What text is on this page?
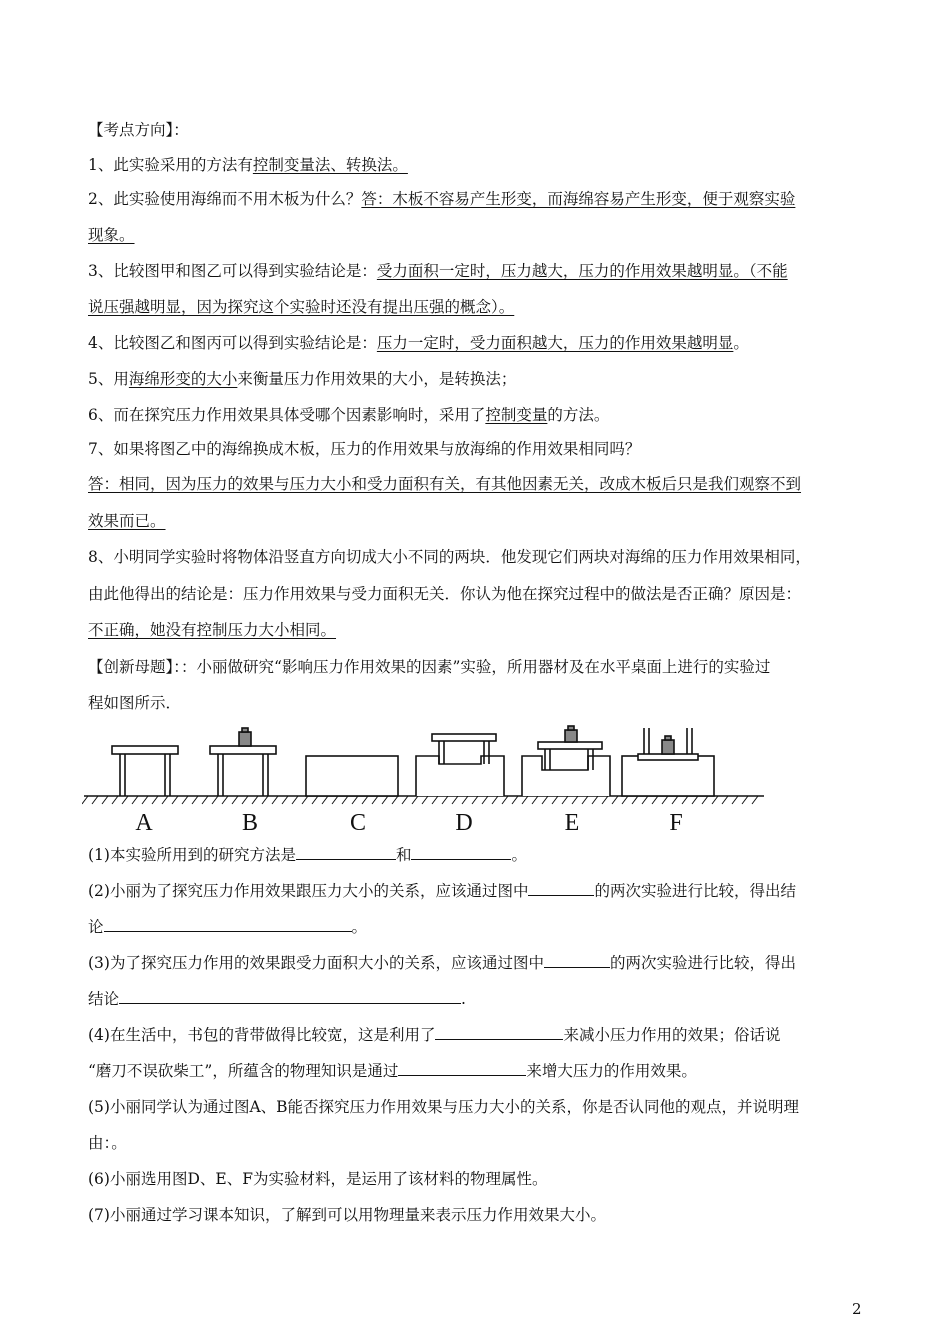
【考点方向】：
1、此实验采用的方法有控制变量法、转换法。
2、此实验使用海绵而不用木板为什么？答：木板不容易产生形变，而海绵容易产生形变，便于观察实验
现象。
3、比较图甲和图乙可以得到实验结论是：受力面积一定时，压力越大，压力的作用效果越明显。（不能
说压强越明显，因为探究这个实验时还没有提出压强的概念）。
4、比较图乙和图丙可以得到实验结论是：压力一定时，受力面积越大，压力的作用效果越明显。
5、用海绵形变的大小来衡量压力作用效果的大小，是转换法；
6、而在探究压力作用效果具体受哪个因素影响时，采用了控制变量的方法。
7、如果将图乙中的海绵换成木板，压力的作用效果与放海绵的作用效果相同吗？
答：相同，因为压力的效果与压力大小和受力面积有关，有其他因素无关，改成木板后只是我们观察不到
效果而已。
8、小明同学实验时将物体沿竖直方向切成大小不同的两块．他发现它们两块对海绵的压力作用效果相同，
由此他得出的结论是：压力作用效果与受力面积无关．你认为他在探究过程中的做法是否正确？原因是：
不正确，她没有控制压力大小相同。
【创新母题】：：小丽做研究“影响压力作用效果的因素”实验，所用器材及在水平桌面上进行的实验过
程如图所示．
A	B	C	D	E	F
(1)本实验所用到的研究方法是	和	。
(2)小丽为了探究压力作用效果跟压力大小的关系，应该通过图中	的两次实验进行比较，得出结
论	。
(3)为了探究压力作用的效果跟受力面积大小的关系，应该通过图中	的两次实验进行比较，得出
结论	.
(4)在生活中，书包的背带做得比较宽，这是利用了	来减小压力作用的效果；俗话说
“磨刀不误砍柴工”，所蕴含的物理知识是通过	来增大压力的作用效果。
(5)小丽同学认为通过图A、B能否探究压力作用效果与压力大小的关系，你是否认同他的观点，并说明理
由：。
(6)小丽选用图D、E、F为实验材料，是运用了该材料的物理属性。
(7)小丽通过学习课本知识，了解到可以用物理量来表示压力作用效果大小。
2
